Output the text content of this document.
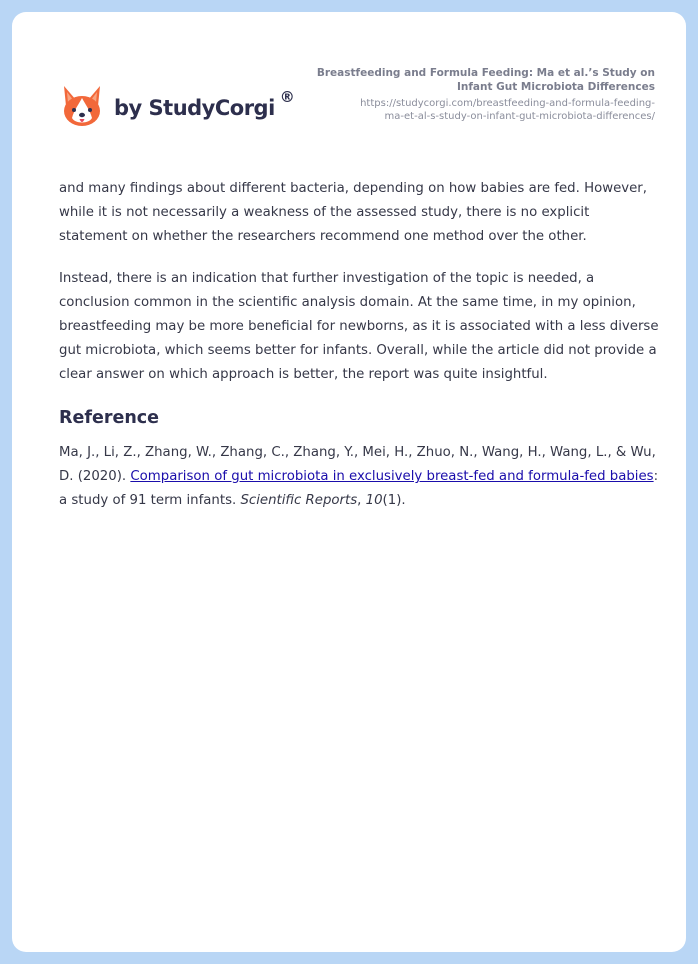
by StudyCorgi ®
Breastfeeding and Formula Feeding: Ma et al.’s Study on
Infant Gut Microbiota Differences
https://studycorgi.com/breastfeeding-and-formula-feeding-
ma-et-al-s-study-on-infant-gut-microbiota-differences/

and many findings about different bacteria, depending on how babies are fed. However, while it is not necessarily a weakness of the assessed study, there is no explicit statement on whether the researchers recommend one method over the other.

Instead, there is an indication that further investigation of the topic is needed, a conclusion common in the scientific analysis domain. At the same time, in my opinion, breastfeeding may be more beneficial for newborns, as it is associated with a less diverse gut microbiota, which seems better for infants. Overall, while the article did not provide a clear answer on which approach is better, the report was quite insightful.

Reference

Ma, J., Li, Z., Zhang, W., Zhang, C., Zhang, Y., Mei, H., Zhuo, N., Wang, H., Wang, L., & Wu, D. (2020). Comparison of gut microbiota in exclusively breast-fed and formula-fed babies: a study of 91 term infants. Scientific Reports, 10(1).
